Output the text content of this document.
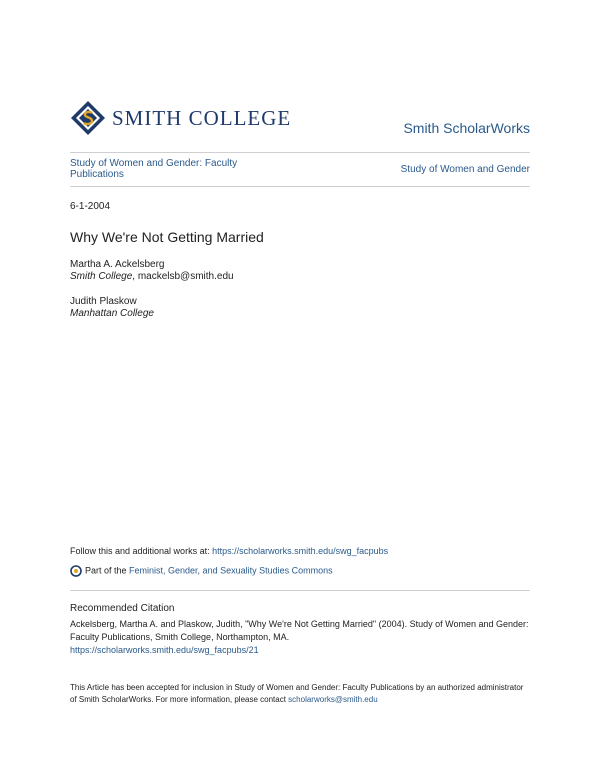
SMITH COLLEGE	Smith ScholarWorks
Study of Women and Gender: Faculty Publications	Study of Women and Gender
6-1-2004
Why We're Not Getting Married
Martha A. Ackelsberg
Smith College, mackelsb@smith.edu
Judith Plaskow
Manhattan College
Follow this and additional works at: https://scholarworks.smith.edu/swg_facpubs
Part of the Feminist, Gender, and Sexuality Studies Commons
Recommended Citation
Ackelsberg, Martha A. and Plaskow, Judith, "Why We're Not Getting Married" (2004). Study of Women and Gender: Faculty Publications, Smith College, Northampton, MA.
https://scholarworks.smith.edu/swg_facpubs/21
This Article has been accepted for inclusion in Study of Women and Gender: Faculty Publications by an authorized administrator of Smith ScholarWorks. For more information, please contact scholarworks@smith.edu
